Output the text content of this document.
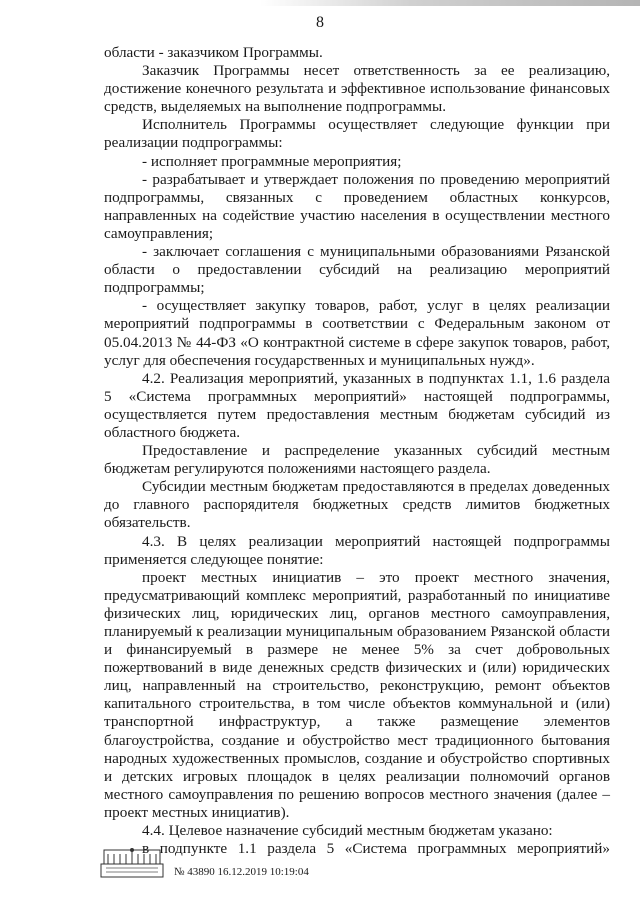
8

области - заказчиком Программы.

Заказчик Программы несет ответственность за ее реализацию, достижение конечного результата и эффективное использование финансовых средств, выделяемых на выполнение подпрограммы.

Исполнитель Программы осуществляет следующие функции при реализации подпрограммы:

- исполняет программные мероприятия;

- разрабатывает и утверждает положения по проведению мероприятий подпрограммы, связанных с проведением областных конкурсов, направленных на содействие участию населения в осуществлении местного самоуправления;

- заключает соглашения с муниципальными образованиями Рязанской области о предоставлении субсидий на реализацию мероприятий подпрограммы;

- осуществляет закупку товаров, работ, услуг в целях реализации мероприятий подпрограммы в соответствии с Федеральным законом от 05.04.2013 № 44-ФЗ «О контрактной системе в сфере закупок товаров, работ, услуг для обеспечения государственных и муниципальных нужд».

4.2. Реализация мероприятий, указанных в подпунктах 1.1, 1.6 раздела 5 «Система программных мероприятий» настоящей подпрограммы, осуществляется путем предоставления местным бюджетам субсидий из областного бюджета.

Предоставление и распределение указанных субсидий местным бюджетам регулируются положениями настоящего раздела.

Субсидии местным бюджетам предоставляются в пределах доведенных до главного распорядителя бюджетных средств лимитов бюджетных обязательств.

4.3. В целях реализации мероприятий настоящей подпрограммы применяется следующее понятие:

проект местных инициатив – это проект местного значения, предусматривающий комплекс мероприятий, разработанный по инициативе физических лиц, юридических лиц, органов местного самоуправления, планируемый к реализации муниципальным образованием Рязанской области и финансируемый в размере не менее 5% за счет добровольных пожертвований в виде денежных средств физических и (или) юридических лиц, направленный на строительство, реконструкцию, ремонт объектов капитального строительства, в том числе объектов коммунальной и (или) транспортной инфраструктур, а также размещение элементов благоустройства, создание и обустройство мест традиционного бытования народных художественных промыслов, создание и обустройство спортивных и детских игровых площадок в целях реализации полномочий органов местного самоуправления по решению вопросов местного значения (далее – проект местных инициатив).

4.4. Целевое назначение субсидий местным бюджетам указано:

в подпункте 1.1 раздела 5 «Система программных мероприятий»

№ 43890 16.12.2019 10:19:04
